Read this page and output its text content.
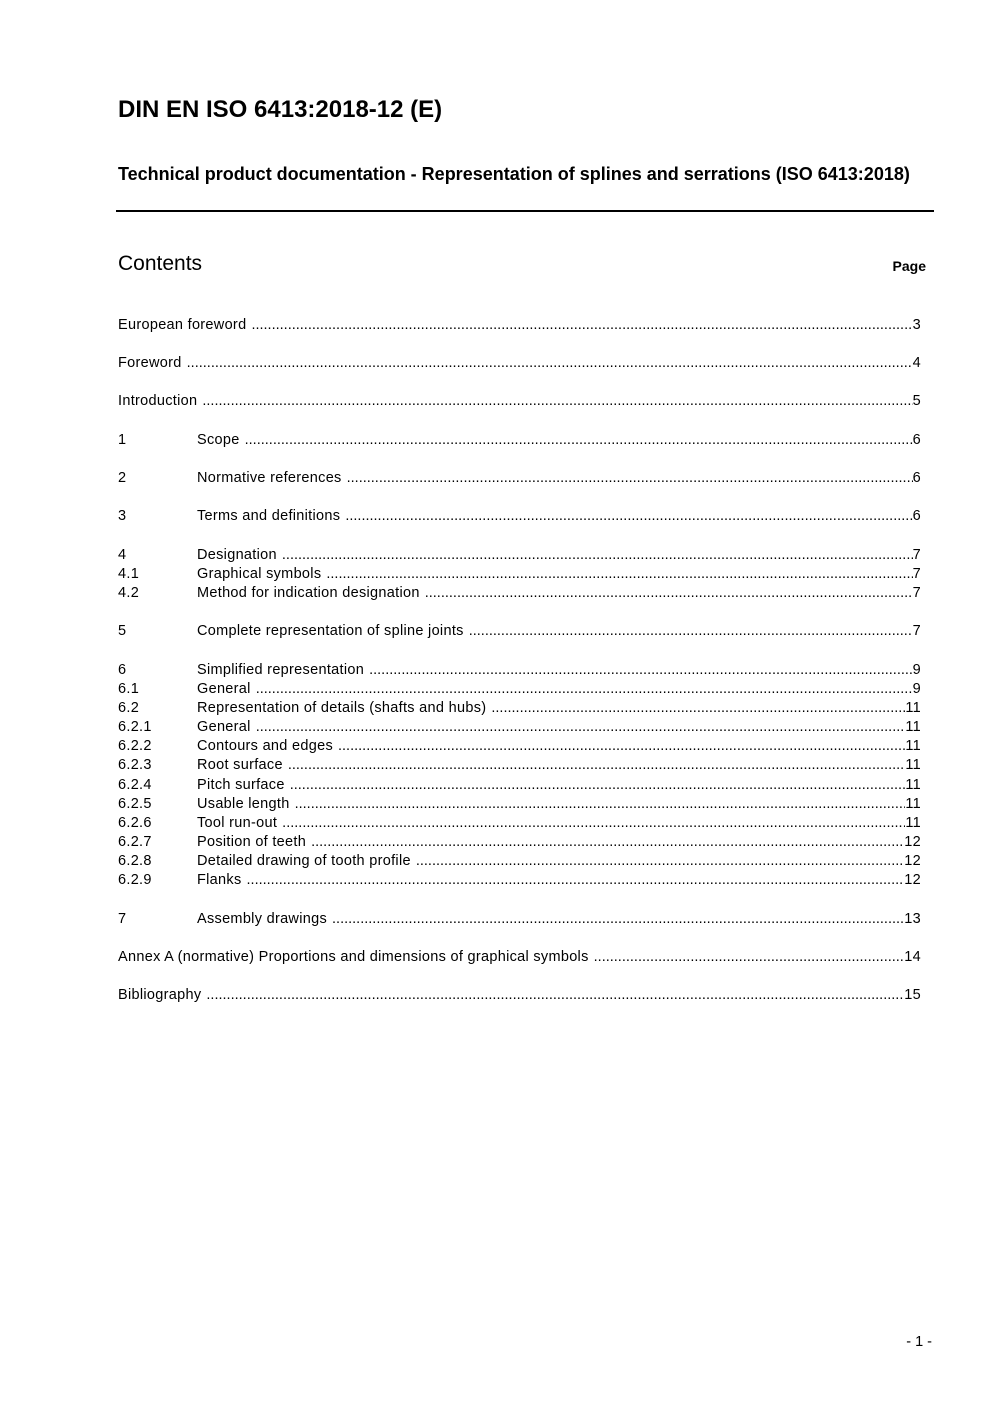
DIN EN ISO 6413:2018-12 (E)
Technical product documentation - Representation of splines and serrations (ISO 6413:2018)
Contents	Page
European foreword .....	3
Foreword .....	4
Introduction .....	5
1	Scope .....	6
2	Normative references .....	6
3	Terms and definitions .....	6
4	Designation .....	7
4.1	Graphical symbols .....	7
4.2	Method for indication designation .....	7
5	Complete representation of spline joints .....	7
6	Simplified representation .....	9
6.1	General .....	9
6.2	Representation of details (shafts and hubs) .....	11
6.2.1	General .....	11
6.2.2	Contours and edges .....	11
6.2.3	Root surface .....	11
6.2.4	Pitch surface .....	11
6.2.5	Usable length .....	11
6.2.6	Tool run-out .....	11
6.2.7	Position of teeth .....	12
6.2.8	Detailed drawing of tooth profile .....	12
6.2.9	Flanks .....	12
7	Assembly drawings .....	13
Annex A (normative) Proportions and dimensions of graphical symbols .....	14
Bibliography .....	15
- 1 -
